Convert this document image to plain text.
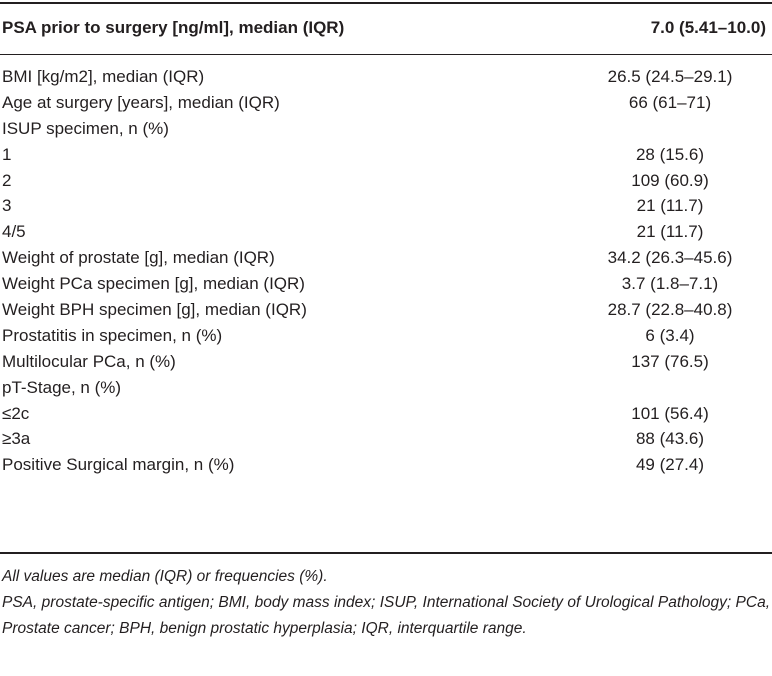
PSA prior to surgery [ng/ml], median (IQR)	7.0 (5.41–10.0)
BMI [kg/m2], median (IQR)	26.5 (24.5–29.1)
Age at surgery [years], median (IQR)	66 (61–71)
ISUP specimen, n (%)
1	28 (15.6)
2	109 (60.9)
3	21 (11.7)
4/5	21 (11.7)
Weight of prostate [g], median (IQR)	34.2 (26.3–45.6)
Weight PCa specimen [g], median (IQR)	3.7 (1.8–7.1)
Weight BPH specimen [g], median (IQR)	28.7 (22.8–40.8)
Prostatitis in specimen, n (%)	6 (3.4)
Multilocular PCa, n (%)	137 (76.5)
pT-Stage, n (%)
≤2c	101 (56.4)
≥3a	88 (43.6)
Positive Surgical margin, n (%)	49 (27.4)

All values are median (IQR) or frequencies (%).

PSA, prostate-specific antigen; BMI, body mass index; ISUP, International Society of Urological Pathology; PCa, Prostate cancer; BPH, benign prostatic hyperplasia; IQR, interquartile range.
